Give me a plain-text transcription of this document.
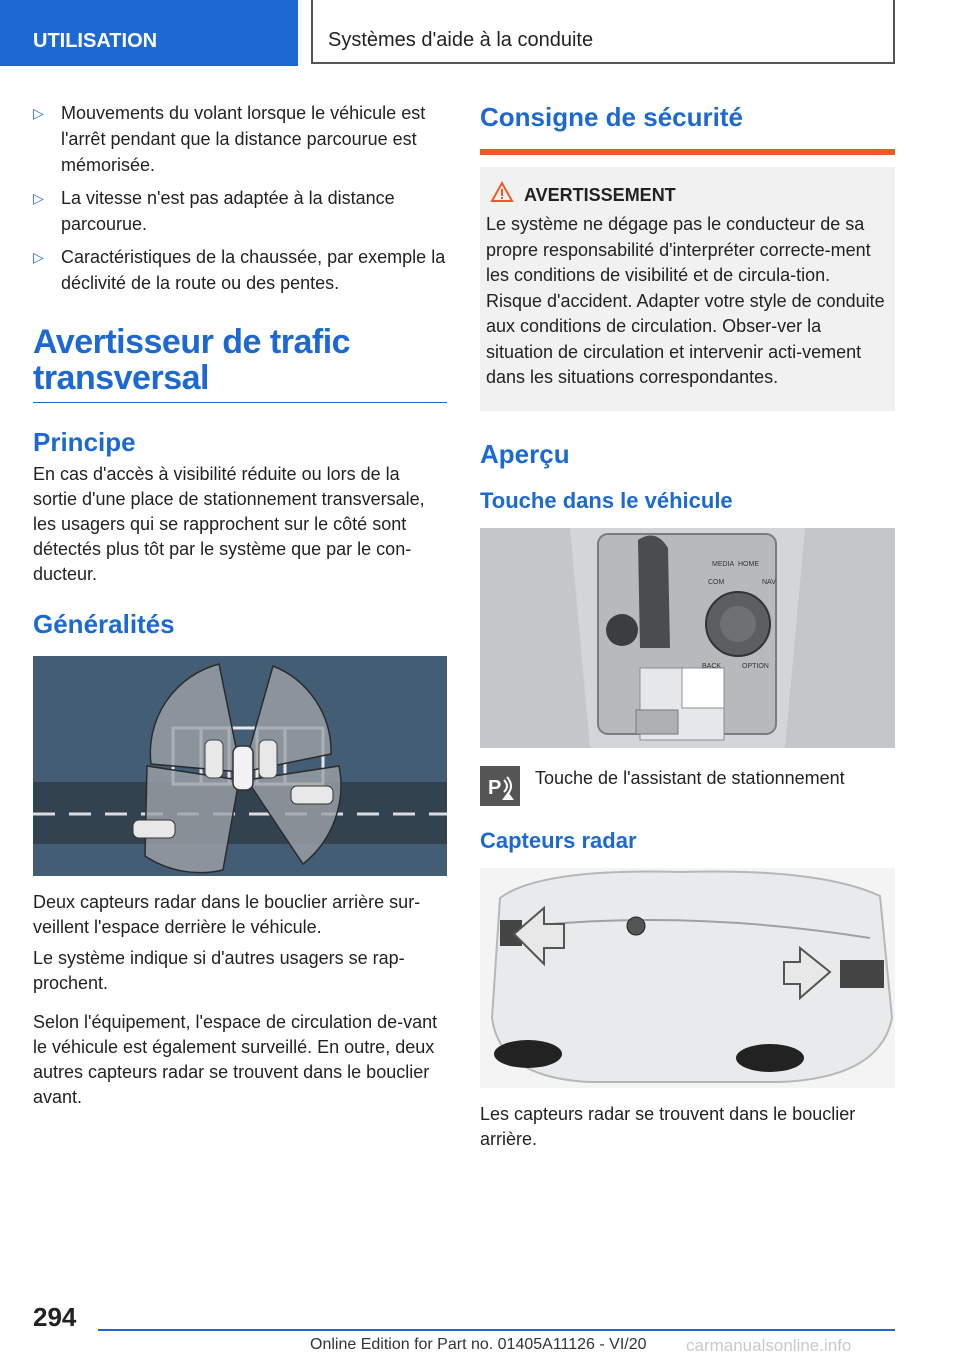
UTILISATION	Systèmes d'aide à la conduite
▷ Mouvements du volant lorsque le véhicule est l'arrêt pendant que la distance parcourue est mémorisée.
▷ La vitesse n'est pas adaptée à la distance parcourue.
▷ Caractéristiques de la chaussée, par exemple la déclivité de la route ou des pentes.
Avertisseur de trafic transversal
Principe

En cas d'accès à visibilité réduite ou lors de la sortie d'une place de stationnement transversale, les usagers qui se rapprochent sur le côté sont détectés plus tôt par le système que par le con-ducteur.

Généralités

Deux capteurs radar dans le bouclier arrière sur-veillent l'espace derrière le véhicule.

Le système indique si d'autres usagers se rap-prochent.

Selon l'équipement, l'espace de circulation de-vant le véhicule est également surveillé. En outre, deux autres capteurs radar se trouvent dans le bouclier avant.

Consigne de sécurité
AVERTISSEMENT
Le système ne dégage pas le conducteur de sa propre responsabilité d'interpréter correcte-ment les conditions de visibilité et de circula-tion. Risque d'accident. Adapter votre style de conduite aux conditions de circulation. Obser-ver la situation de circulation et intervenir acti-vement dans les situations correspondantes.
Aperçu
Touche dans le véhicule
MEDIA HOME
NAV
COM
BACK	OPTION
P Touche de l'assistant de stationnement
Capteurs radar

Les capteurs radar se trouvent dans le bouclier arrière.

294
Online Edition for Part no. 01405A11126 - VI/20 carmanualsonline.info
